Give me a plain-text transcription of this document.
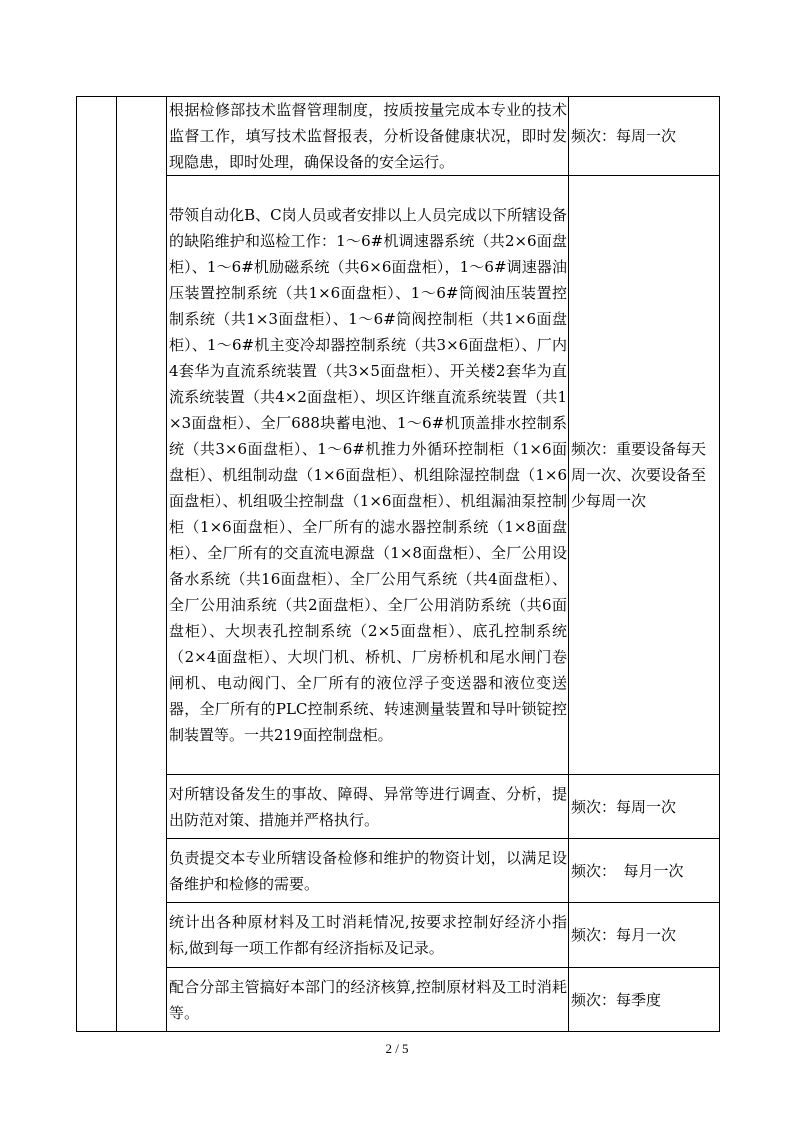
		根据检修部技术监督管理制度，按质按量完成本专业的技术监督工作，填写技术监督报表，分析设备健康状况，即时发现隐患，即时处理，确保设备的安全运行。	频次：每周一次
		带领自动化B、C岗人员或者安排以上人员完成以下所辖设备的缺陷维护和巡检工作：1～6#机调速器系统（共2×6面盘柜）、1～6#机励磁系统（共6×6面盘柜），1～6#调速器油压装置控制系统（共1×6面盘柜）、1～6#筒阀油压装置控制系统（共1×3面盘柜）、1～6#筒阀控制柜（共1×6面盘柜）、1～6#机主变冷却器控制系统（共3×6面盘柜）、厂内4套华为直流系统装置（共3×5面盘柜）、开关楼2套华为直流系统装置（共4×2面盘柜）、坝区许继直流系统装置（共1×3面盘柜）、全厂688块蓄电池、1～6#机顶盖排水控制系统（共3×6面盘柜）、1～6#机推力外循环控制柜（1×6面盘柜）、机组制动盘（1×6面盘柜）、机组除湿控制盘（1×6面盘柜）、机组吸尘控制盘（1×6面盘柜）、机组漏油泵控制柜（1×6面盘柜）、全厂所有的滤水器控制系统（1×8面盘柜）、全厂所有的交直流电源盘（1×8面盘柜）、全厂公用设备水系统（共16面盘柜）、全厂公用气系统（共4面盘柜）、全厂公用油系统（共2面盘柜）、全厂公用消防系统（共6面盘柜）、大坝表孔控制系统（2×5面盘柜）、底孔控制系统（2×4面盘柜）、大坝门机、桥机、厂房桥机和尾水闸门卷闸机、电动阀门、全厂所有的液位浮子变送器和液位变送器，全厂所有的PLC控制系统、转速测量装置和导叶锁锭控制装置等。一共219面控制盘柜。	频次：重要设备每天周一次、次要设备至少每周一次
		对所辖设备发生的事故、障碍、异常等进行调查、分析，提出防范对策、措施并严格执行。	频次：每周一次
		负责提交本专业所辖设备检修和维护的物资计划，以满足设备维护和检修的需要。	频次：　每月一次
		统计出各种原材料及工时消耗情况,按要求控制好经济小指标,做到每一项工作都有经济指标及记录。	频次：每月一次
		配合分部主管搞好本部门的经济核算,控制原材料及工时消耗等。	频次：每季度
2 / 5
